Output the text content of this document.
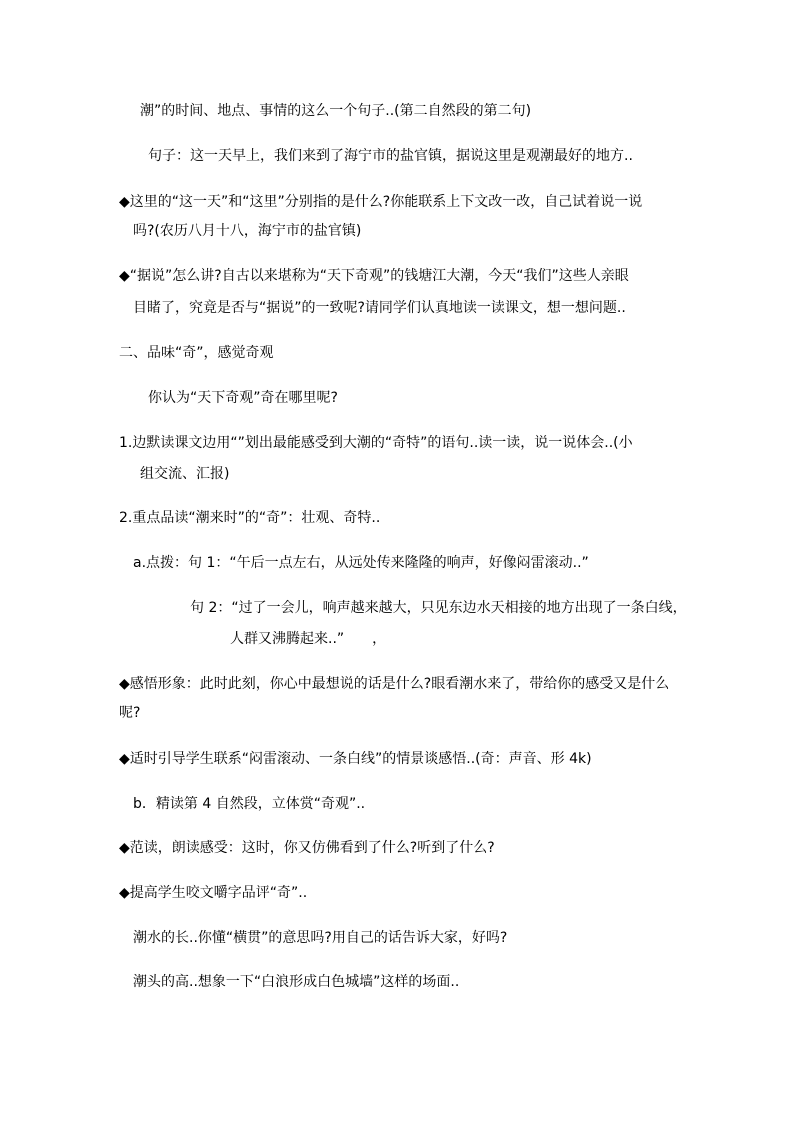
潮”的时间、地点、事情的这么一个句子..(第二自然段的第二句)
句子：这一天早上，我们来到了海宁市的盐官镇，据说这里是观潮最好的地方..
◆这里的“这一天”和“这里”分别指的是什么?你能联系上下文改一改，自己试着说一说
吗?(农历八月十八，海宁市的盐官镇)
◆“据说”怎么讲?自古以来堪称为“天下奇观”的钱塘江大潮，今天“我们”这些人亲眼
目睹了，究竟是否与“据说”的一致呢?请同学们认真地读一读课文，想一想问题..
二、品味“奇”，感觉奇观
你认为“天下奇观”奇在哪里呢?
1.边默读课文边用“”划出最能感受到大潮的“奇特”的语句..读一读，说一说体会..(小
组交流、汇报)
2.重点品读“潮来时”的“奇”：壮观、奇特..
a.点拨：句 1：“午后一点左右，从远处传来隆隆的响声，好像闷雷滚动..”
句 2：“过了一会儿，响声越来越大，只见东边水天相接的地方出现了一条白线，
人群又沸腾起来..”　　，
◆感悟形象：此时此刻，你心中最想说的话是什么?眼看潮水来了，带给你的感受又是什么
呢?
◆适时引导学生联系“闷雷滚动、一条白线”的情景谈感悟..(奇：声音、形 4k)
b．精读第 4 自然段，立体赏“奇观”..
◆范读，朗读感受：这时，你又仿佛看到了什么?听到了什么?
◆提高学生咬文嚼字品评“奇”..
潮水的长..你懂“横贯”的意思吗?用自己的话告诉大家，好吗?
潮头的高..想象一下“白浪形成白色城墙”这样的场面..
